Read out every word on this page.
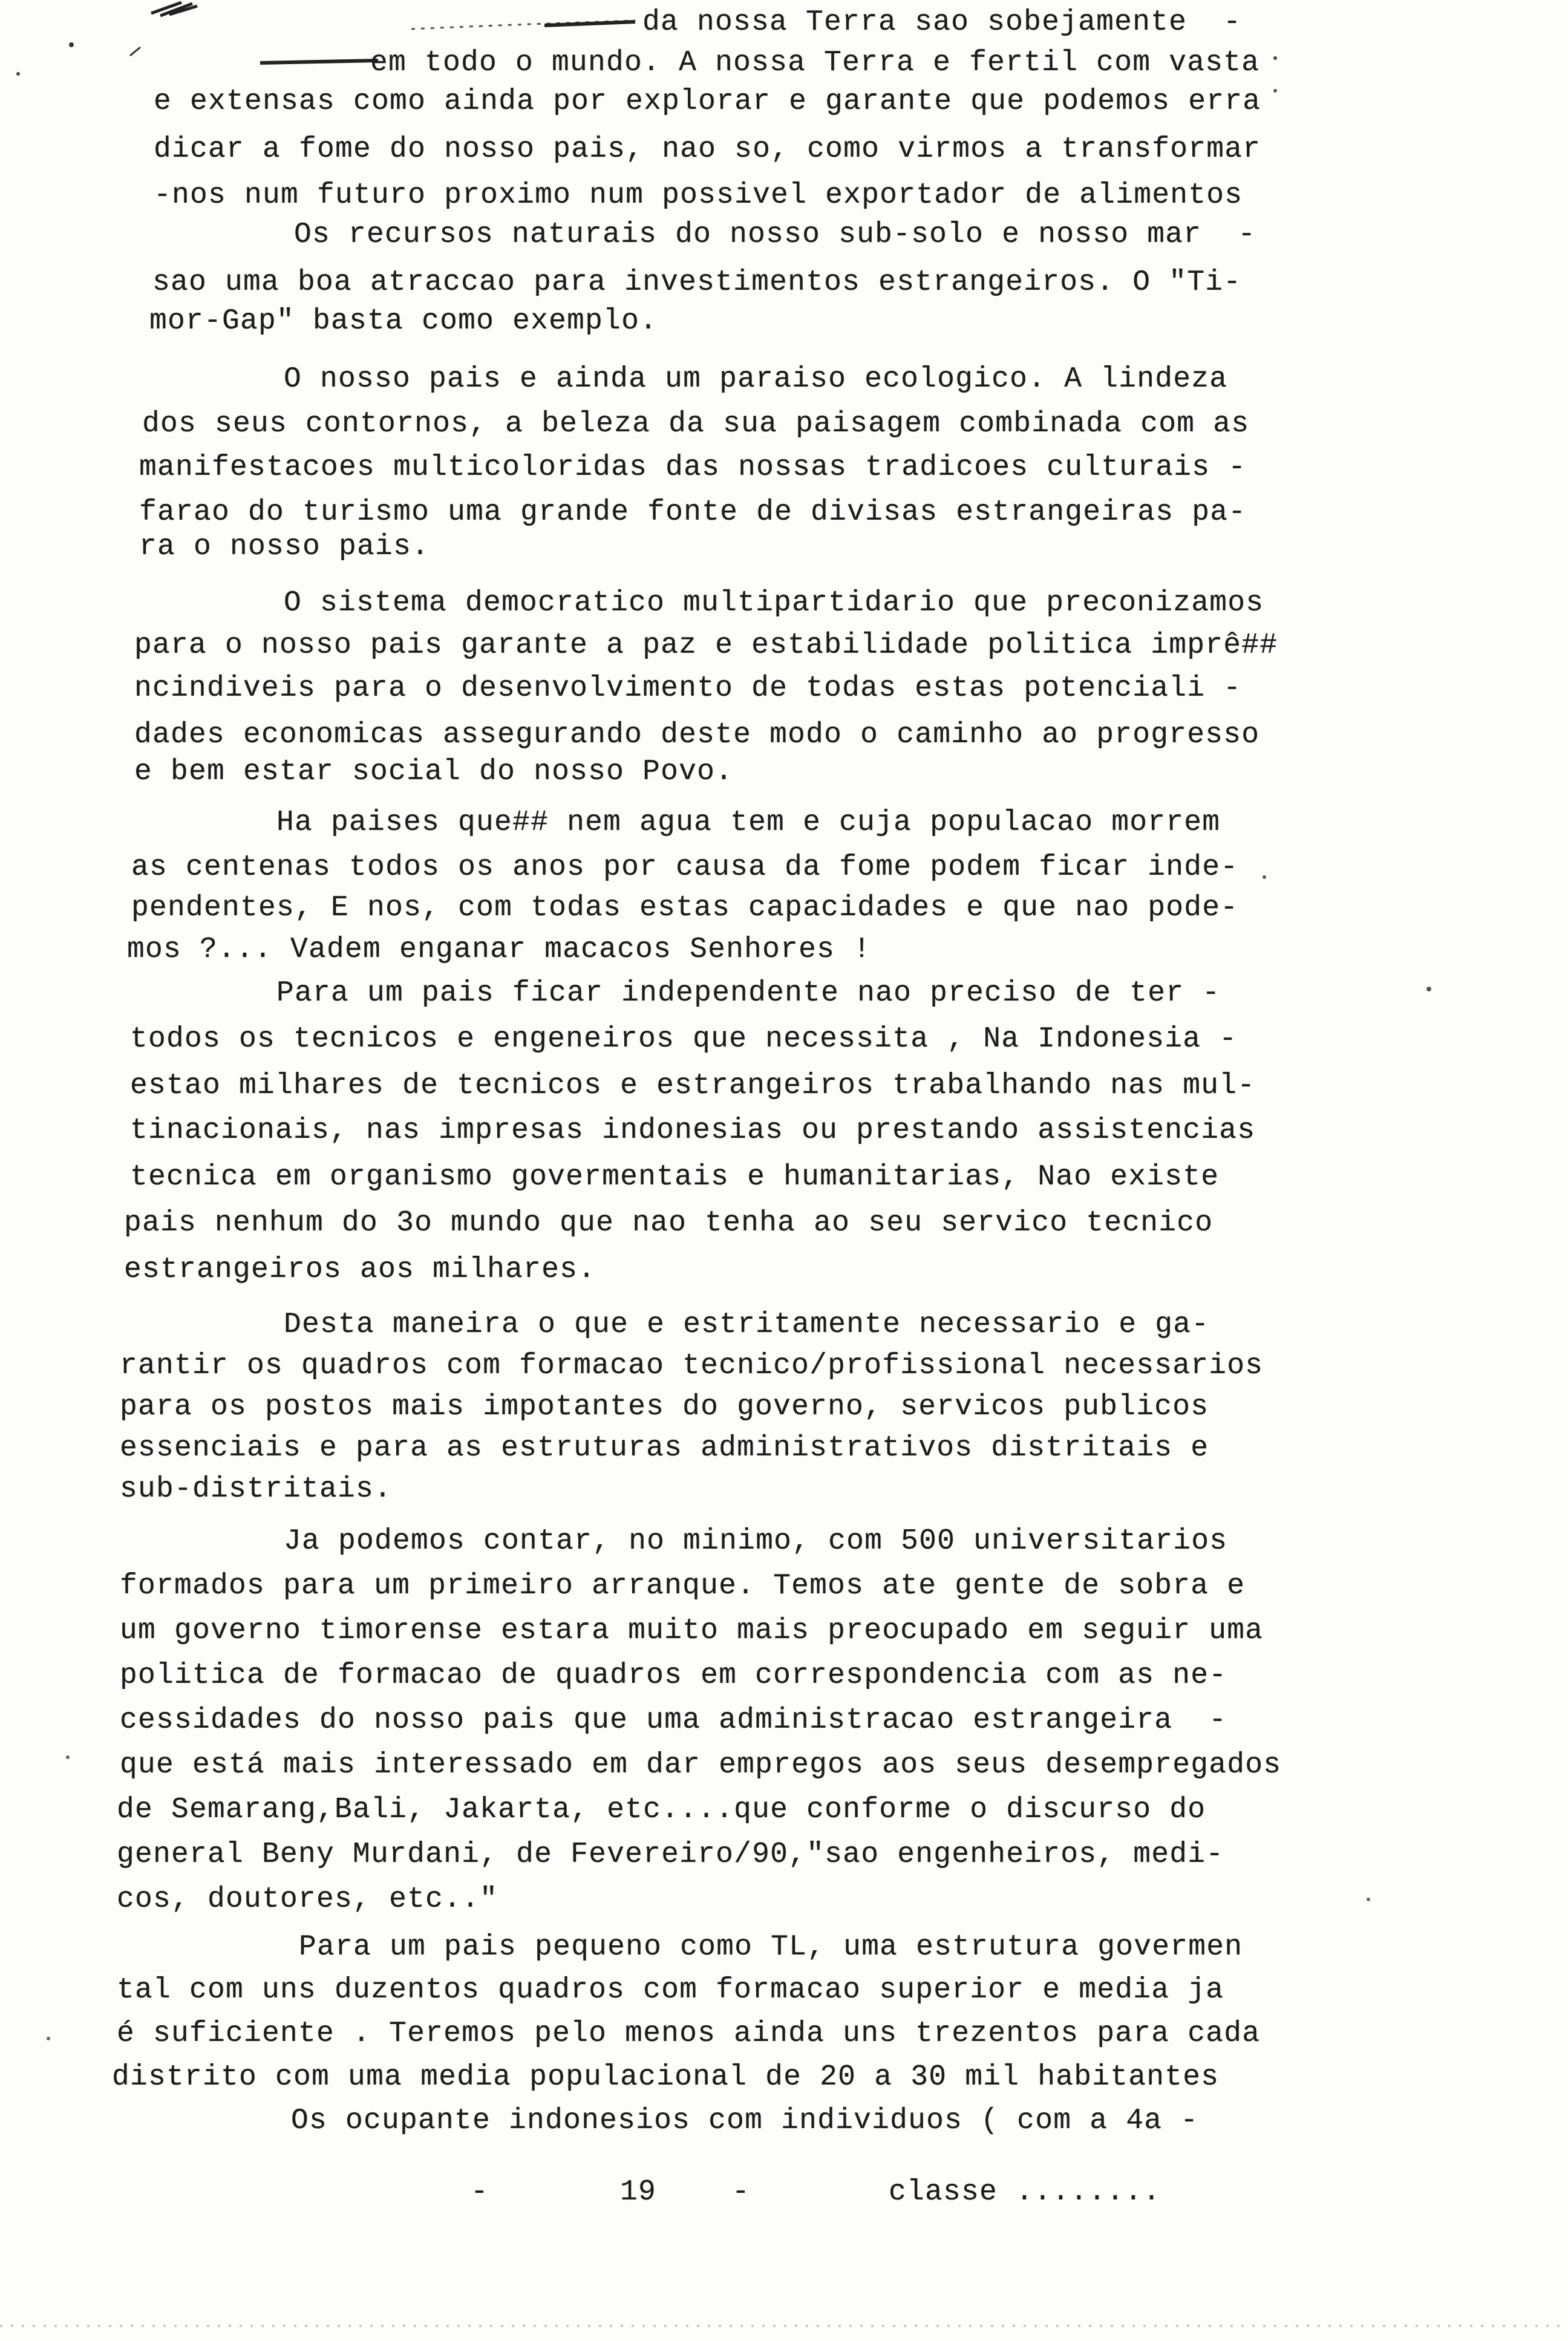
da nossa Terra sao sobejamente  -
em todo o mundo. A nossa Terra e fertil com vasta
e extensas como ainda por explorar e garante que podemos erra
dicar a fome do nosso pais, nao so, como virmos a transformar
-nos num futuro proximo num possivel exportador de alimentos
Os recursos naturais do nosso sub-solo e nosso mar  -
sao uma boa atraccao para investimentos estrangeiros. O "Ti-
mor-Gap" basta como exemplo.
O nosso pais e ainda um paraiso ecologico. A lindeza
dos seus contornos, a beleza da sua paisagem combinada com as
manifestacoes multicoloridas das nossas tradicoes culturais -
farao do turismo uma grande fonte de divisas estrangeiras pa-
ra o nosso pais.
O sistema democratico multipartidario que preconizamos
para o nosso pais garante a paz e estabilidade politica imprê##
ncindiveis para o desenvolvimento de todas estas potenciali -
dades economicas assegurando deste modo o caminho ao progresso
e bem estar social do nosso Povo.
Ha paises que## nem agua tem e cuja populacao morrem
as centenas todos os anos por causa da fome podem ficar inde-
pendentes, E nos, com todas estas capacidades e que nao pode-
mos ?... Vadem enganar macacos Senhores !
Para um pais ficar independente nao preciso de ter -
todos os tecnicos e engeneiros que necessita , Na Indonesia -
estao milhares de tecnicos e estrangeiros trabalhando nas mul-
tinacionais, nas impresas indonesias ou prestando assistencias
tecnica em organismo govermentais e humanitarias, Nao existe
pais nenhum do 3o mundo que nao tenha ao seu servico tecnico
estrangeiros aos milhares.
Desta maneira o que e estritamente necessario e ga-
rantir os quadros com formacao tecnico/profissional necessarios
para os postos mais impotantes do governo, servicos publicos
essenciais e para as estruturas administrativos distritais e
sub-distritais.
Ja podemos contar, no minimo, com 500 universitarios
formados para um primeiro arranque. Temos ate gente de sobra e
um governo timorense estara muito mais preocupado em seguir uma
politica de formacao de quadros em correspondencia com as ne-
cessidades do nosso pais que uma administracao estrangeira  -
que está mais interessado em dar empregos aos seus desempregados
de Semarang,Bali, Jakarta, etc....que conforme o discurso do
general Beny Murdani, de Fevereiro/90,"sao engenheiros, medi-
cos, doutores, etc.."
Para um pais pequeno como TL, uma estrutura govermen
tal com uns duzentos quadros com formacao superior e media ja
é suficiente . Teremos pelo menos ainda uns trezentos para cada
distrito com uma media populacional de 20 a 30 mil habitantes
Os ocupante indonesios com individuos ( com a 4a -
-	19	-	classe ........
